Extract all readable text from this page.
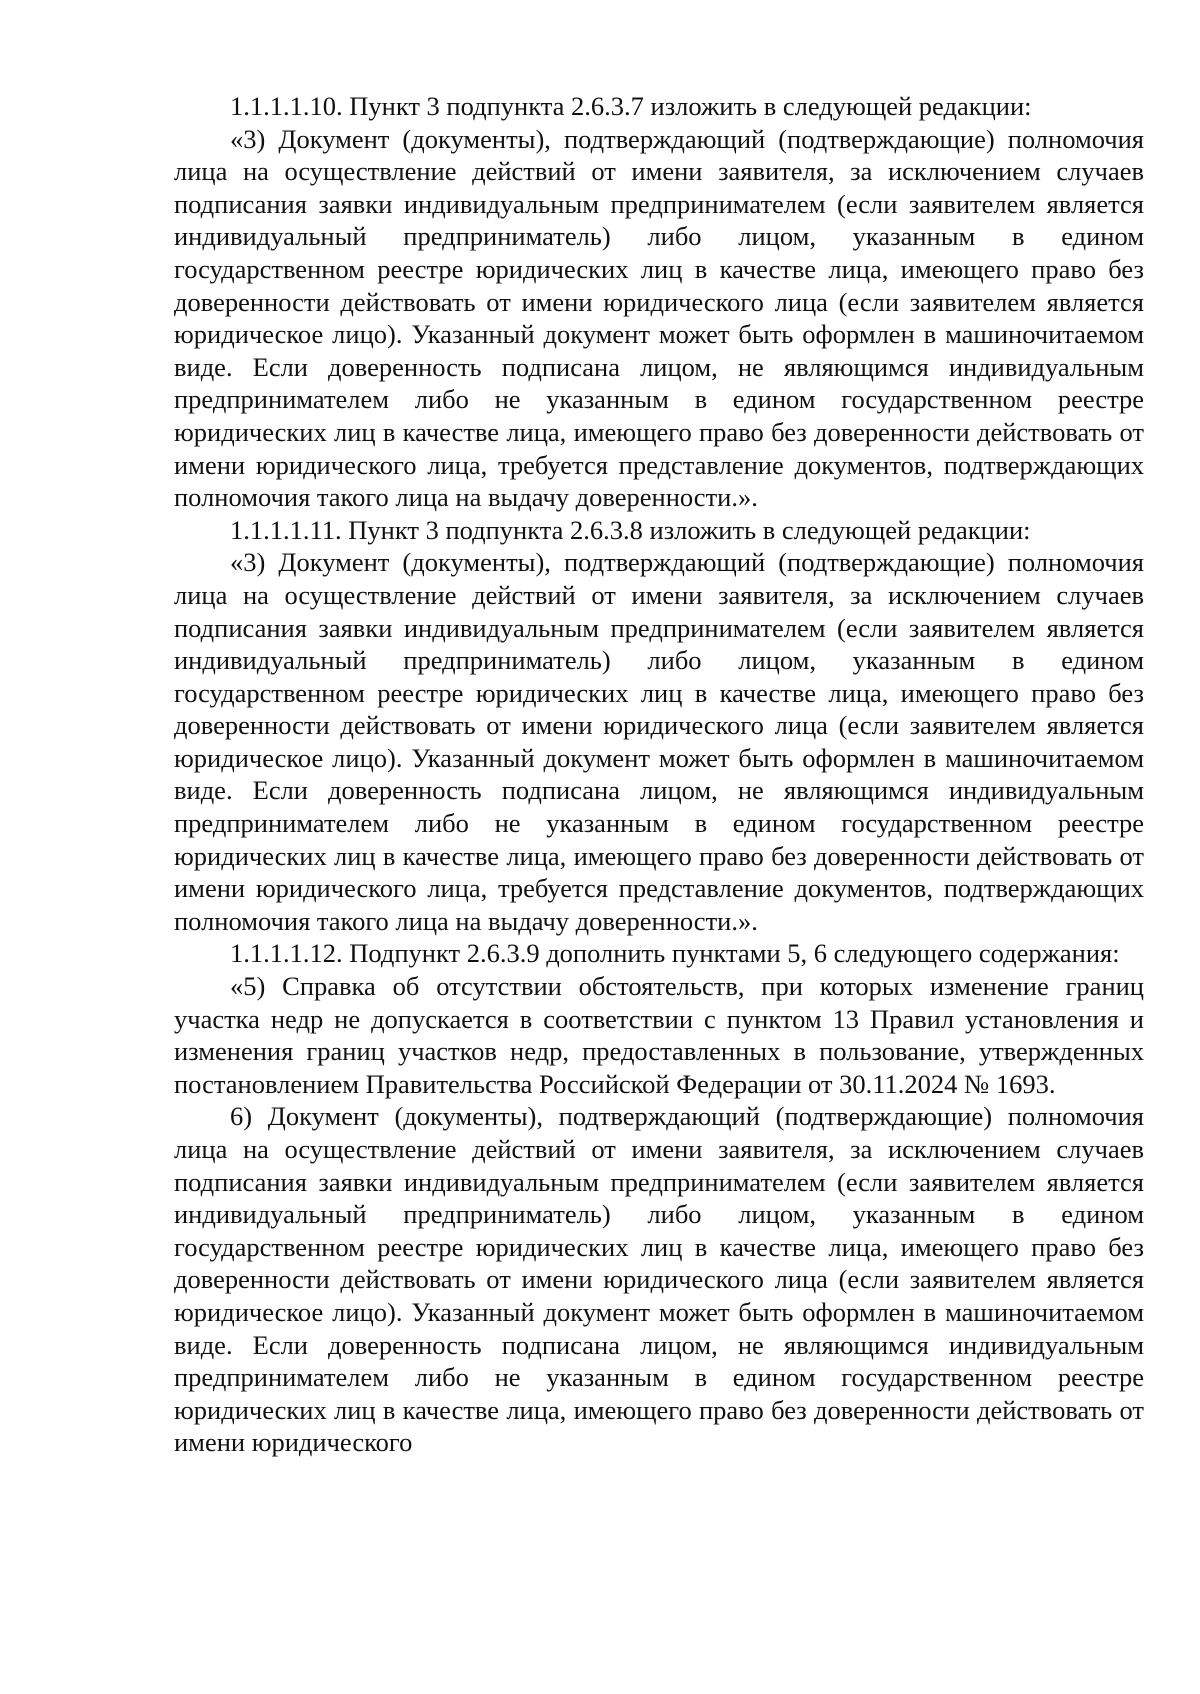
1.1.1.1.10. Пункт 3 подпункта 2.6.3.7 изложить в следующей редакции:

«3) Документ (документы), подтверждающий (подтверждающие) полномочия лица на осуществление действий от имени заявителя, за исключением случаев подписания заявки индивидуальным предпринимателем (если заявителем является индивидуальный предприниматель) либо лицом, указанным в едином государственном реестре юридических лиц в качестве лица, имеющего право без доверенности действовать от имени юридического лица (если заявителем является юридическое лицо). Указанный документ может быть оформлен в машиночитаемом виде. Если доверенность подписана лицом, не являющимся индивидуальным предпринимателем либо не указанным в едином государственном реестре юридических лиц в качестве лица, имеющего право без доверенности действовать от имени юридического лица, требуется представление документов, подтверждающих полномочия такого лица на выдачу доверенности.».

1.1.1.1.11. Пункт 3 подпункта 2.6.3.8 изложить в следующей редакции:

«3) Документ (документы), подтверждающий (подтверждающие) полномочия лица на осуществление действий от имени заявителя, за исключением случаев подписания заявки индивидуальным предпринимателем (если заявителем является индивидуальный предприниматель) либо лицом, указанным в едином государственном реестре юридических лиц в качестве лица, имеющего право без доверенности действовать от имени юридического лица (если заявителем является юридическое лицо). Указанный документ может быть оформлен в машиночитаемом виде. Если доверенность подписана лицом, не являющимся индивидуальным предпринимателем либо не указанным в едином государственном реестре юридических лиц в качестве лица, имеющего право без доверенности действовать от имени юридического лица, требуется представление документов, подтверждающих полномочия такого лица на выдачу доверенности.».

1.1.1.1.12. Подпункт 2.6.3.9 дополнить пунктами 5, 6 следующего содержания:

«5) Справка об отсутствии обстоятельств, при которых изменение границ участка недр не допускается в соответствии с пунктом 13 Правил установления и изменения границ участков недр, предоставленных в пользование, утвержденных постановлением Правительства Российской Федерации от 30.11.2024 № 1693.

6) Документ (документы), подтверждающий (подтверждающие) полномочия лица на осуществление действий от имени заявителя, за исключением случаев подписания заявки индивидуальным предпринимателем (если заявителем является индивидуальный предприниматель) либо лицом, указанным в едином государственном реестре юридических лиц в качестве лица, имеющего право без доверенности действовать от имени юридического лица (если заявителем является юридическое лицо). Указанный документ может быть оформлен в машиночитаемом виде. Если доверенность подписана лицом, не являющимся индивидуальным предпринимателем либо не указанным в едином государственном реестре юридических лиц в качестве лица, имеющего право без доверенности действовать от имени юридического
